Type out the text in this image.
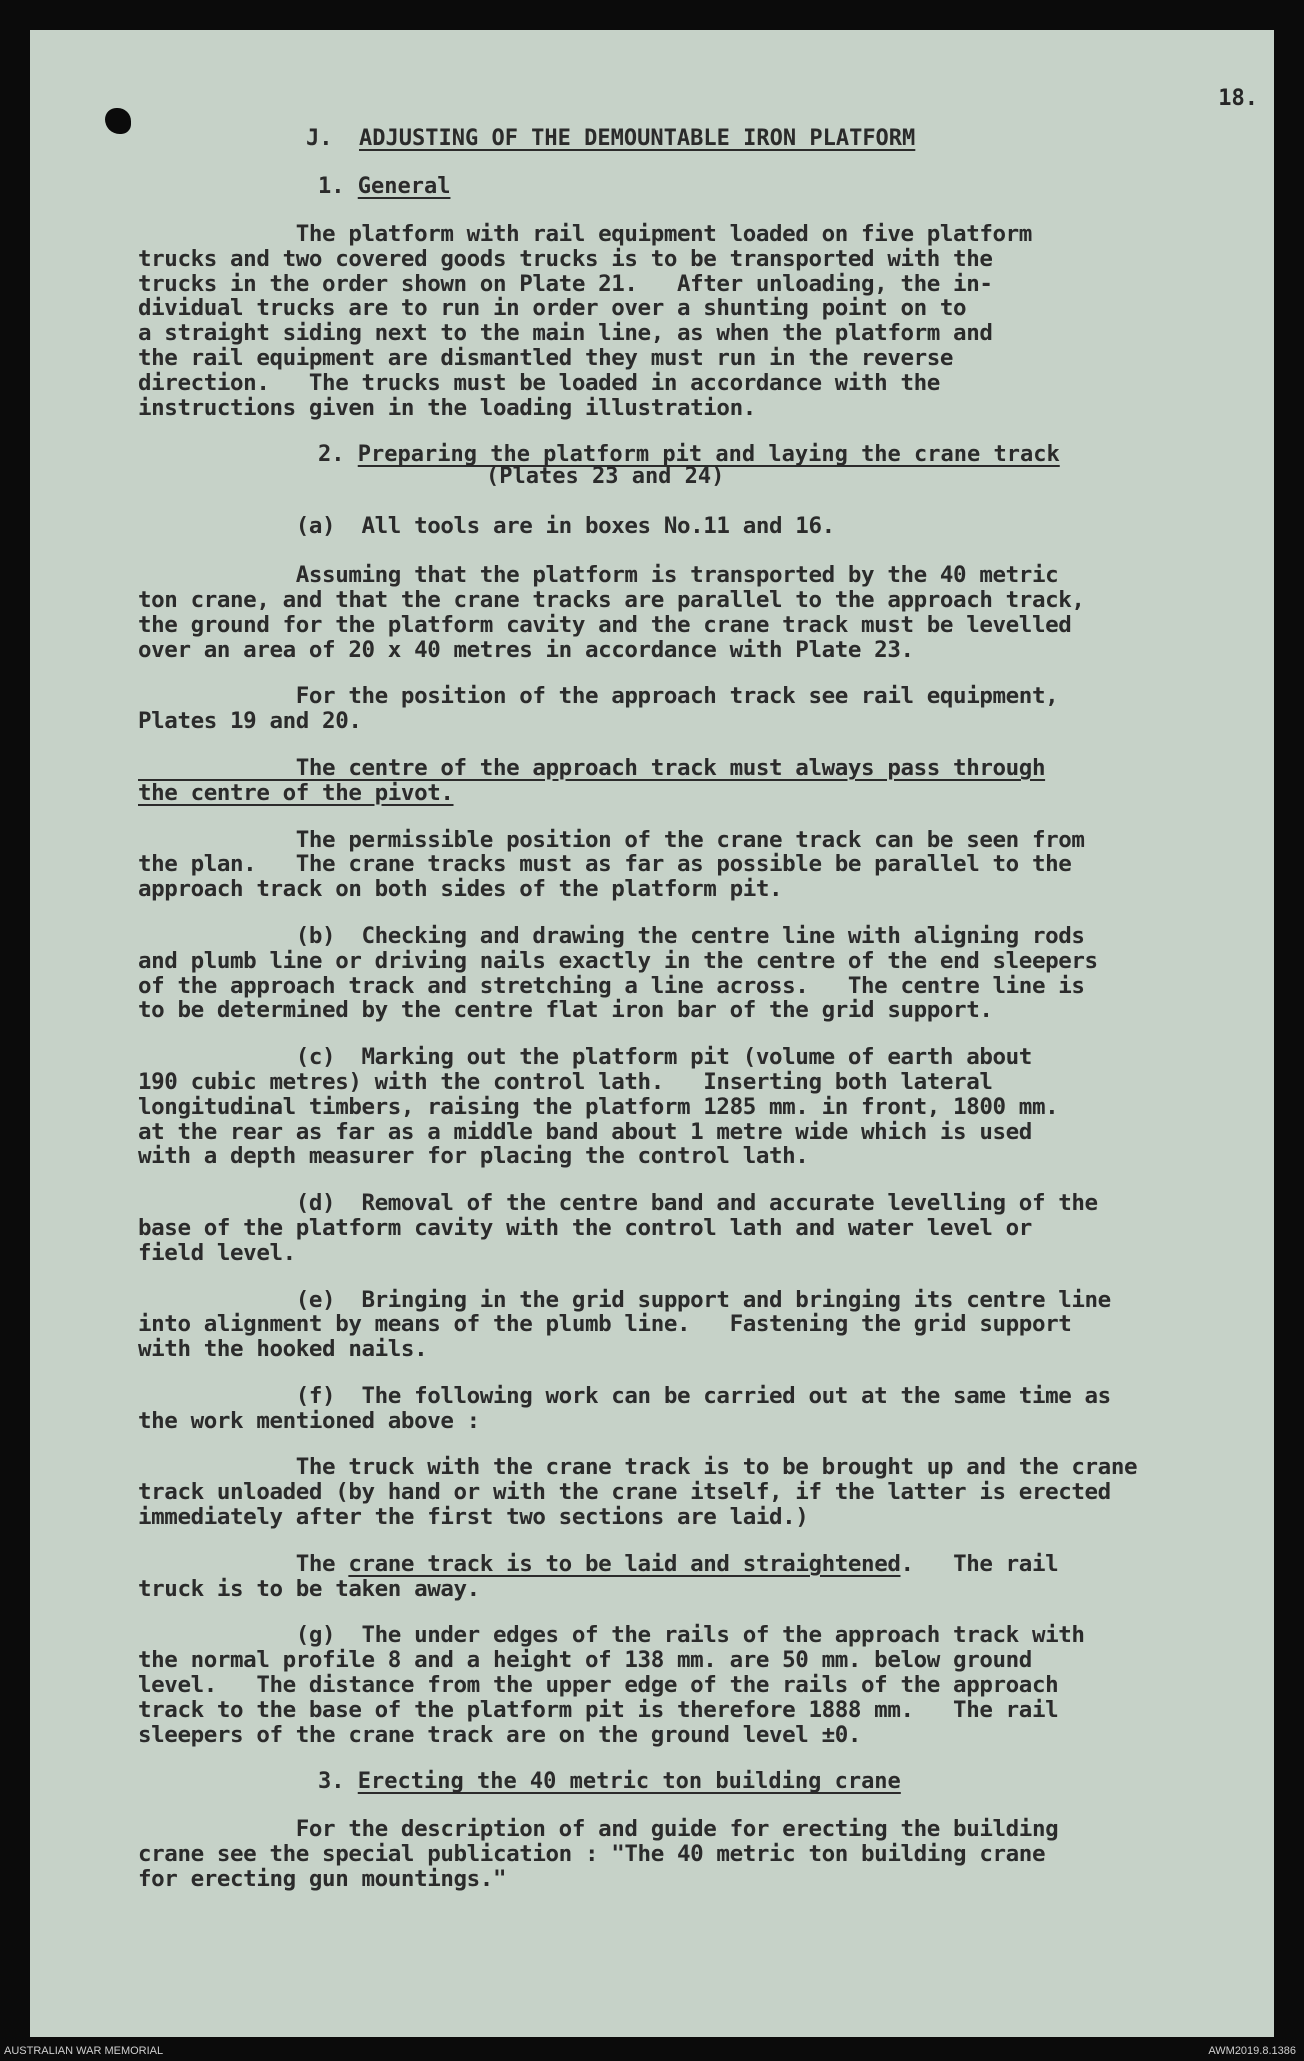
18.

J. ADJUSTING OF THE DEMOUNTABLE IRON PLATFORM

1. General

The platform with rail equipment loaded on five platform
trucks and two covered goods trucks is to be transported with the
trucks in the order shown on Plate 21.   After unloading, the in-
dividual trucks are to run in order over a shunting point on to
a straight siding next to the main line, as when the platform and
the rail equipment are dismantled they must run in the reverse
direction.   The trucks must be loaded in accordance with the
instructions given in the loading illustration.

2. Preparing the platform pit and laying the crane track

(Plates 23 and 24)

(a)  All tools are in boxes No.11 and 16.

Assuming that the platform is transported by the 40 metric
ton crane, and that the crane tracks are parallel to the approach track,
the ground for the platform cavity and the crane track must be levelled
over an area of 20 x 40 metres in accordance with Plate 23.

For the position of the approach track see rail equipment,
Plates 19 and 20.

The centre of the approach track must always pass through
the centre of the pivot.

The permissible position of the crane track can be seen from
the plan.   The crane tracks must as far as possible be parallel to the
approach track on both sides of the platform pit.

(b)  Checking and drawing the centre line with aligning rods
and plumb line or driving nails exactly in the centre of the end sleepers
of the approach track and stretching a line across.   The centre line is
to be determined by the centre flat iron bar of the grid support.

(c)  Marking out the platform pit (volume of earth about
190 cubic metres) with the control lath.   Inserting both lateral
longitudinal timbers, raising the platform 1285 mm. in front, 1800 mm.
at the rear as far as a middle band about 1 metre wide which is used
with a depth measurer for placing the control lath.

(d)  Removal of the centre band and accurate levelling of the
base of the platform cavity with the control lath and water level or
field level.

(e)  Bringing in the grid support and bringing its centre line
into alignment by means of the plumb line.   Fastening the grid support
with the hooked nails.

(f)  The following work can be carried out at the same time as
the work mentioned above :

The truck with the crane track is to be brought up and the crane
track unloaded (by hand or with the crane itself, if the latter is erected
immediately after the first two sections are laid.)

The crane track is to be laid and straightened.   The rail
truck is to be taken away.

(g)  The under edges of the rails of the approach track with
the normal profile 8 and a height of 138 mm. are 50 mm. below ground
level.   The distance from the upper edge of the rails of the approach
track to the base of the platform pit is therefore 1888 mm.   The rail
sleepers of the crane track are on the ground level ±0.

3. Erecting the 40 metric ton building crane

For the description of and guide for erecting the building
crane see the special publication : "The 40 metric ton building crane
for erecting gun mountings."

AUSTRALIAN WAR MEMORIAL	AWM2019.8.1386
